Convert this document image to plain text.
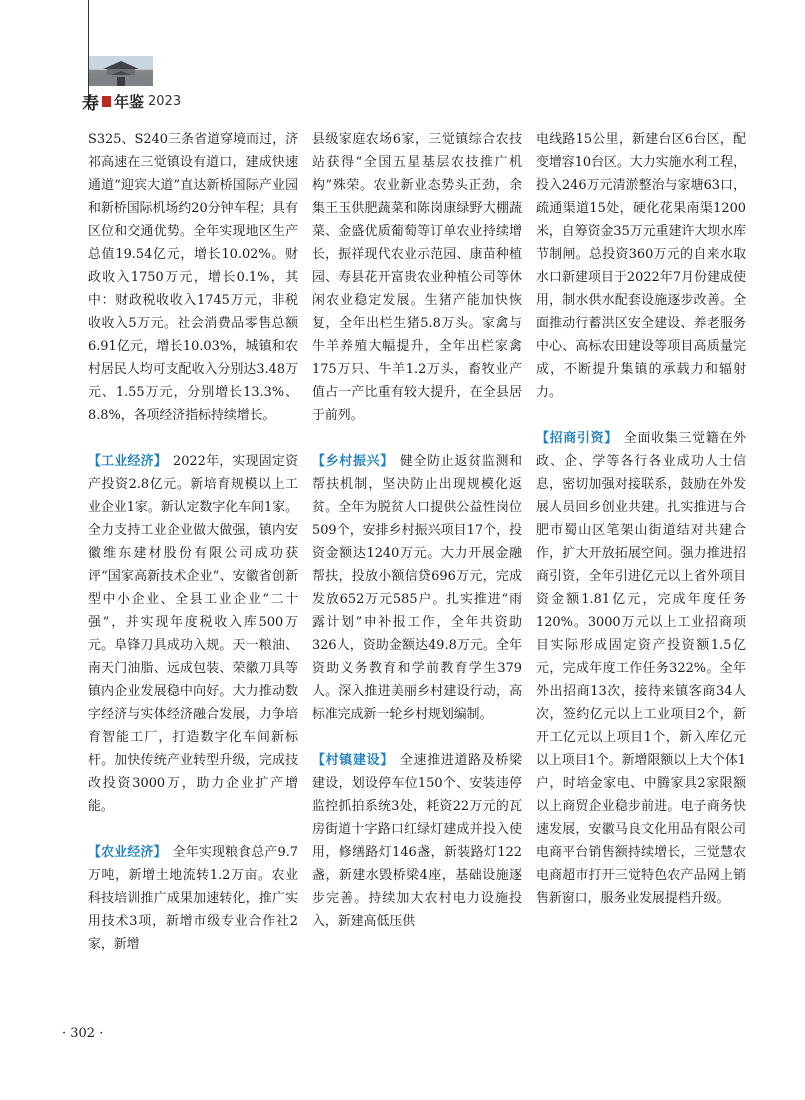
寿 年鉴 2023

S325、S240三条省道穿境而过，济祁高速在三觉镇设有道口，建成快速通道“迎宾大道”直达新桥国际产业园和新桥国际机场约20分钟车程；具有区位和交通优势。全年实现地区生产总值19.54亿元，增长10.02%。财政收入1750万元，增长0.1%，其中：财政税收收入1745万元，非税收收入5万元。社会消费品零售总额6.91亿元，增长10.03%，城镇和农村居民人均可支配收入分别达3.48万元、1.55万元，分别增长13.3%、8.8%，各项经济指标持续增长。

【工业经济】 2022年，实现固定资产投资2.8亿元。新培育规模以上工业企业1家。新认定数字化车间1家。全力支持工业企业做大做强，镇内安徽维东建材股份有限公司成功获评“国家高新技术企业”、安徽省创新型中小企业、全县工业企业“二十强”，并实现年度税收入库500万元。阜锋刀具成功入规。天一粮油、南天门油脂、远成包装、荣徽刀具等镇内企业发展稳中向好。大力推动数字经济与实体经济融合发展，力争培育智能工厂，打造数字化车间新标杆。加快传统产业转型升级，完成技改投资3000万，助力企业扩产增能。

【农业经济】 全年实现粮食总产9.7万吨，新增土地流转1.2万亩。农业科技培训推广成果加速转化，推广实用技术3项，新增市级专业合作社2家，新增

县级家庭农场6家，三觉镇综合农技站获得“全国五星基层农技推广机构”殊荣。农业新业态势头正劲，余集王玉供肥蔬菜和陈岗康绿野大棚蔬菜、金盛优质葡萄等订单农业持续增长，振祥现代农业示范园、康苗种植园、寿县花开富贵农业种植公司等休闲农业稳定发展。生猪产能加快恢复，全年出栏生猪5.8万头。家禽与牛羊养殖大幅提升，全年出栏家禽175万只、牛羊1.2万头，畜牧业产值占一产比重有较大提升，在全县居于前列。

【乡村振兴】 健全防止返贫监测和帮扶机制，坚决防止出现规模化返贫。全年为脱贫人口提供公益性岗位509个，安排乡村振兴项目17个，投资金额达1240万元。大力开展金融帮扶，投放小额信贷696万元，完成发放652万元585户。扎实推进“雨露计划”申补报工作，全年共资助326人，资助金额达49.8万元。全年资助义务教育和学前教育学生379人。深入推进美丽乡村建设行动，高标准完成新一轮乡村规划编制。

【村镇建设】 全速推进道路及桥梁建设，划设停车位150个、安装违停监控抓拍系统3处，耗资22万元的瓦房街道十字路口红绿灯建成并投入使用，修缮路灯146盏，新装路灯122盏，新建水毁桥梁4座，基础设施逐步完善。持续加大农村电力设施投入，新建高低压供

电线路15公里，新建台区6台区，配变增容10台区。大力实施水利工程，投入246万元清淤整治与家塘63口，疏通渠道15处，硬化花果南渠1200米，自筹资金35万元重建许大坝水库节制闸。总投资360万元的自来水取水口新建项目于2022年7月份建成使用，制水供水配套设施逐步改善。全面推动行蓄洪区安全建设、养老服务中心、高标农田建设等项目高质量完成，不断提升集镇的承载力和辐射力。

【招商引资】 全面收集三觉籍在外政、企、学等各行各业成功人士信息，密切加强对接联系，鼓励在外发展人员回乡创业共建。扎实推进与合肥市蜀山区笔架山街道结对共建合作，扩大开放拓展空间。强力推进招商引资，全年引进亿元以上省外项目资金额1.81亿元，完成年度任务120%。3000万元以上工业招商项目实际形成固定资产投资额1.5亿元，完成年度工作任务322%。全年外出招商13次，接待来镇客商34人次，签约亿元以上工业项目2个，新开工亿元以上项目1个，新入库亿元以上项目1个。新增限额以上大个体1户，时培金家电、中腾家具2家限额以上商贸企业稳步前进。电子商务快速发展，安徽马良文化用品有限公司电商平台销售额持续增长，三觉慧农电商超市打开三觉特色农产品网上销售新窗口，服务业发展提档升级。

· 302 ·
